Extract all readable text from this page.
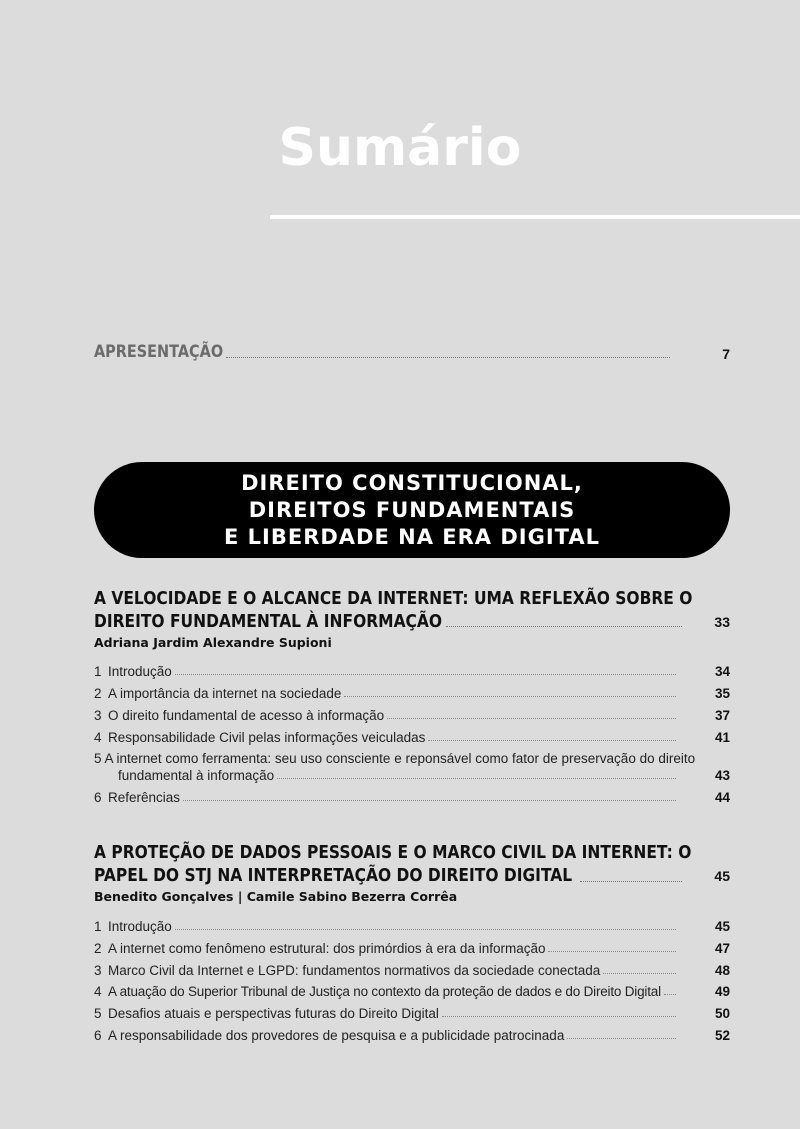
Sumário
APRESENTAÇÃO	7
DIREITO CONSTITUCIONAL,
DIREITOS FUNDAMENTAIS
E LIBERDADE NA ERA DIGITAL
A VELOCIDADE E O ALCANCE DA INTERNET: UMA REFLEXÃO SOBRE O
DIREITO FUNDAMENTAL À INFORMAÇÃO	33
Adriana Jardim Alexandre Supioni
1 Introdução	34
2 A importância da internet na sociedade	35
3 O direito fundamental de acesso à informação	37
4 Responsabilidade Civil pelas informações veiculadas	41
5 A internet como ferramenta: seu uso consciente e reponsável como fator de preservação do direito
fundamental à informação	43
6 Referências	44
A PROTEÇÃO DE DADOS PESSOAIS E O MARCO CIVIL DA INTERNET: O
PAPEL DO STJ NA INTERPRETAÇÃO DO DIREITO DIGITAL	45
Benedito Gonçalves | Camile Sabino Bezerra Corrêa
1 Introdução	45
2 A internet como fenômeno estrutural: dos primórdios à era da informação	47
3 Marco Civil da Internet e LGPD: fundamentos normativos da sociedade conectada	48
4 A atuação do Superior Tribunal de Justiça no contexto da proteção de dados e do Direito Digital	49
5 Desafios atuais e perspectivas futuras do Direito Digital	50
6 A responsabilidade dos provedores de pesquisa e a publicidade patrocinada	52
